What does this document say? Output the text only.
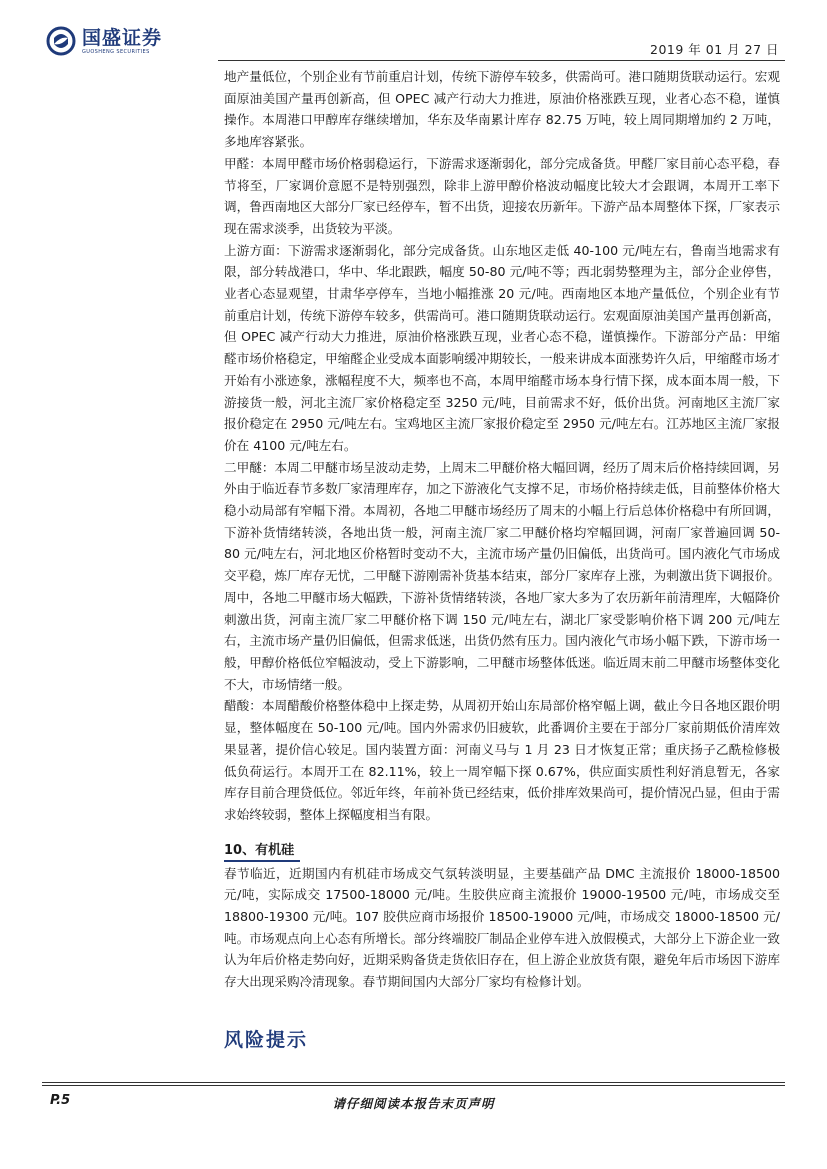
国盛证券
GUOSHENG SECURITIES	2019 年 01 月 27 日

地产量低位，个别企业有节前重启计划，传统下游停车较多，供需尚可。港口随期货联动运行。宏观面原油美国产量再创新高，但 OPEC 减产行动大力推进，原油价格涨跌互现，业者心态不稳，谨慎操作。本周港口甲醇库存继续增加，华东及华南累计库存 82.75 万吨，较上周同期增加约 2 万吨，多地库容紧张。

甲醛：本周甲醛市场价格弱稳运行，下游需求逐渐弱化，部分完成备货。甲醛厂家目前心态平稳，春节将至，厂家调价意愿不是特别强烈，除非上游甲醇价格波动幅度比较大才会跟调，本周开工率下调，鲁西南地区大部分厂家已经停车，暂不出货，迎接农历新年。下游产品本周整体下探，厂家表示现在需求淡季，出货较为平淡。

上游方面：下游需求逐渐弱化，部分完成备货。山东地区走低 40-100 元/吨左右，鲁南当地需求有限，部分转战港口，华中、华北跟跌，幅度 50-80 元/吨不等；西北弱势整理为主，部分企业停售，业者心态显观望，甘肃华亭停车，当地小幅推涨 20 元/吨。西南地区本地产量低位，个别企业有节前重启计划，传统下游停车较多，供需尚可。港口随期货联动运行。宏观面原油美国产量再创新高，但 OPEC 减产行动大力推进，原油价格涨跌互现，业者心态不稳，谨慎操作。下游部分产品：甲缩醛市场价格稳定，甲缩醛企业受成本面影响缓冲期较长，一般来讲成本面涨势许久后，甲缩醛市场才开始有小涨迹象，涨幅程度不大，频率也不高，本周甲缩醛市场本身行情下探，成本面本周一般，下游接货一般，河北主流厂家价格稳定至 3250 元/吨，目前需求不好，低价出货。河南地区主流厂家报价稳定在 2950 元/吨左右。宝鸡地区主流厂家报价稳定至 2950 元/吨左右。江苏地区主流厂家报价在 4100 元/吨左右。

二甲醚：本周二甲醚市场呈波动走势，上周末二甲醚价格大幅回调，经历了周末后价格持续回调，另外由于临近春节多数厂家清理库存，加之下游液化气支撑不足，市场价格持续走低，目前整体价格大稳小动局部有窄幅下滑。本周初，各地二甲醚市场经历了周末的小幅上行后总体价格稳中有所回调，下游补货情绪转淡，各地出货一般，河南主流厂家二甲醚价格均窄幅回调，河南厂家普遍回调 50-80 元/吨左右，河北地区价格暂时变动不大，主流市场产量仍旧偏低，出货尚可。国内液化气市场成交平稳，炼厂库存无忧，二甲醚下游刚需补货基本结束，部分厂家库存上涨，为刺激出货下调报价。周中，各地二甲醚市场大幅跌，下游补货情绪转淡，各地厂家大多为了农历新年前清理库，大幅降价刺激出货，河南主流厂家二甲醚价格下调 150 元/吨左右，湖北厂家受影响价格下调 200 元/吨左右，主流市场产量仍旧偏低，但需求低迷，出货仍然有压力。国内液化气市场小幅下跌，下游市场一般，甲醇价格低位窄幅波动，受上下游影响，二甲醚市场整体低迷。临近周末前二甲醚市场整体变化不大，市场情绪一般。

醋酸：本周醋酸价格整体稳中上探走势，从周初开始山东局部价格窄幅上调，截止今日各地区跟价明显，整体幅度在 50-100 元/吨。国内外需求仍旧疲软，此番调价主要在于部分厂家前期低价清库效果显著，提价信心较足。国内装置方面：河南义马与 1 月 23 日才恢复正常；重庆扬子乙酰检修极低负荷运行。本周开工在 82.11%，较上一周窄幅下探 0.67%，供应面实质性利好消息暂无，各家库存目前合理贷低位。邻近年终，年前补货已经结束，低价排库效果尚可，提价情况凸显，但由于需求始终较弱，整体上探幅度相当有限。

10、有机硅

春节临近，近期国内有机硅市场成交气氛转淡明显，主要基础产品 DMC 主流报价 18000-18500 元/吨，实际成交 17500-18000 元/吨。生胶供应商主流报价 19000-19500 元/吨，市场成交至 18800-19300 元/吨。107 胶供应商市场报价 18500-19000 元/吨，市场成交 18000-18500 元/吨。市场观点向上心态有所增长。部分终端胶厂制品企业停车进入放假模式，大部分上下游企业一致认为年后价格走势向好，近期采购备货走货依旧存在，但上游企业放货有限，避免年后市场因下游库存大出现采购冷清现象。春节期间国内大部分厂家均有检修计划。

风险提示
P.5	请仔细阅读本报告末页声明
